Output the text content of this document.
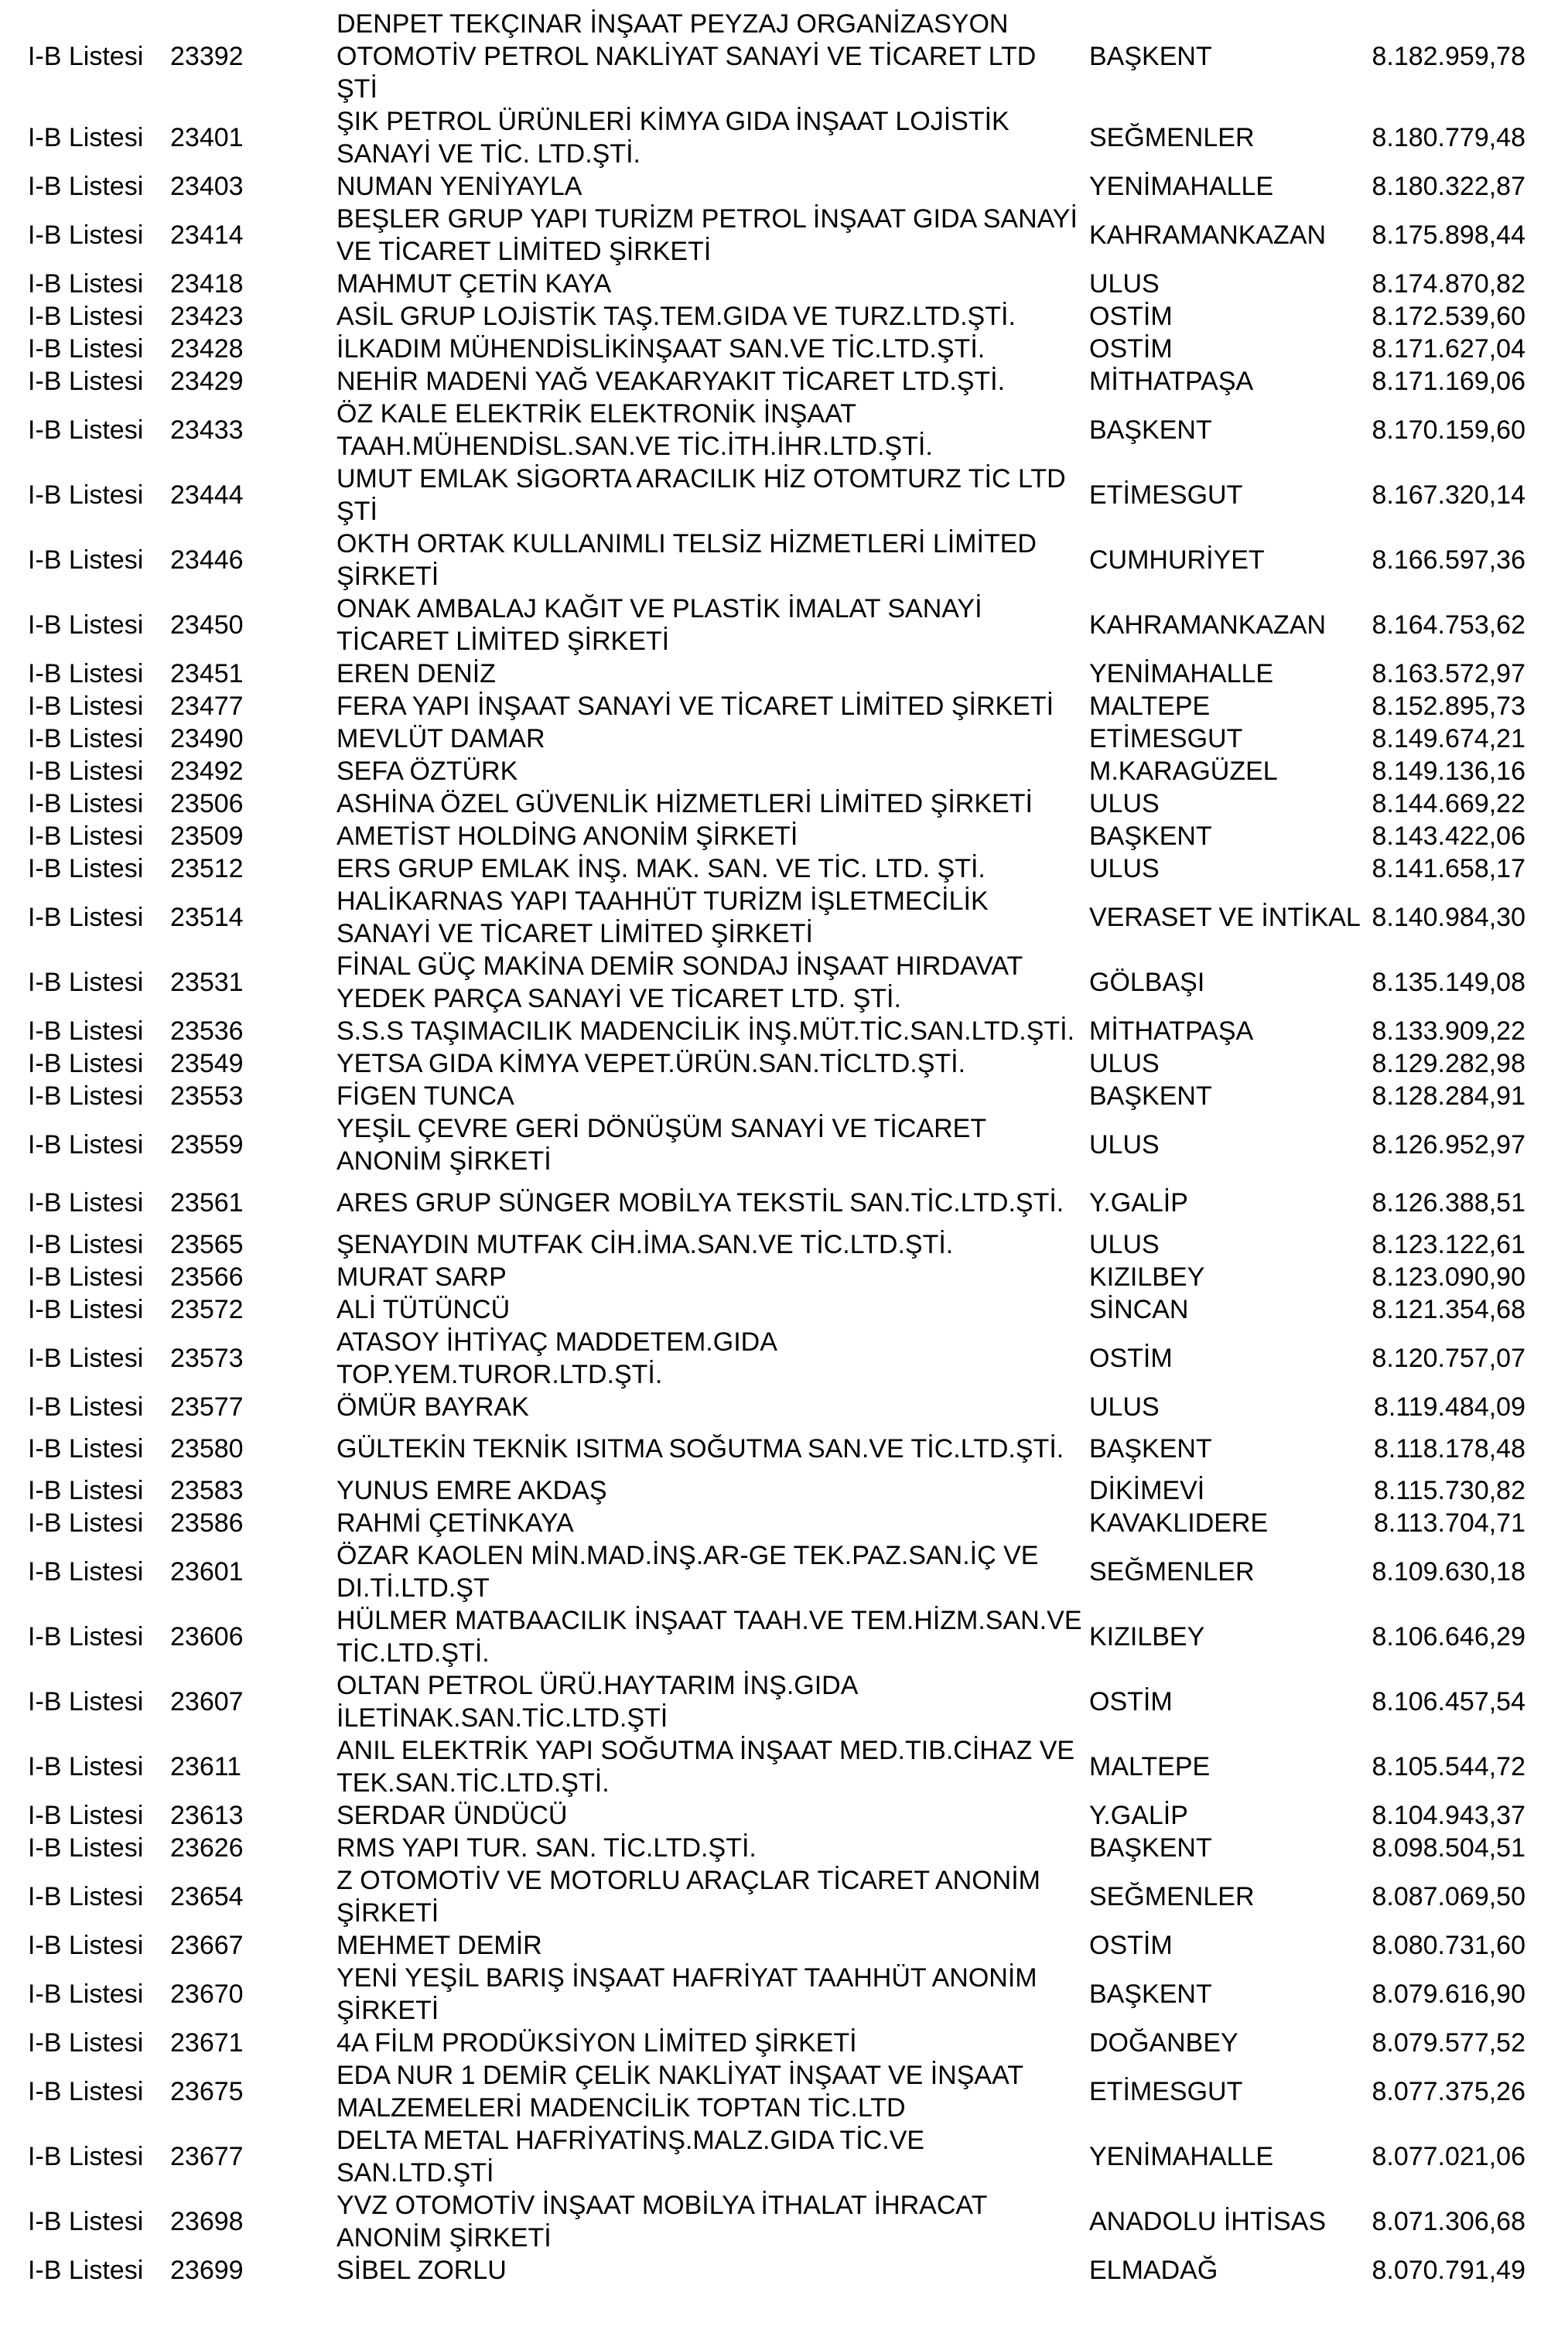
I-B Listesi	23392	DENPET TEKÇINAR İNŞAAT PEYZAJ ORGANİZASYON OTOMOTİV PETROL NAKLİYAT SANAYİ VE TİCARET LTD ŞTİ	BAŞKENT	8.182.959,78
I-B Listesi	23401	ŞIK PETROL ÜRÜNLERİ KİMYA GIDA İNŞAAT LOJİSTİK SANAYİ VE TİC. LTD.ŞTİ.	SEĞMENLER	8.180.779,48
I-B Listesi	23403	NUMAN YENİYAYLA	YENİMAHALLE	8.180.322,87
I-B Listesi	23414	BEŞLER GRUP YAPI TURİZM PETROL İNŞAAT GIDA SANAYİ VE TİCARET LİMİTED ŞİRKETİ	KAHRAMANKAZAN	8.175.898,44
I-B Listesi	23418	MAHMUT ÇETİN KAYA	ULUS	8.174.870,82
I-B Listesi	23423	ASİL GRUP LOJİSTİK TAŞ.TEM.GIDA VE TURZ.LTD.ŞTİ.	OSTİM	8.172.539,60
I-B Listesi	23428	İLKADIM MÜHENDİSLİKİNŞAAT SAN.VE TİC.LTD.ŞTİ.	OSTİM	8.171.627,04
I-B Listesi	23429	NEHİR MADENİ YAĞ VEAKARYAKIT TİCARET LTD.ŞTİ.	MİTHATPAŞA	8.171.169,06
I-B Listesi	23433	ÖZ KALE ELEKTRİK ELEKTRONİK İNŞAAT TAAH.MÜHENDİSL.SAN.VE TİC.İTH.İHR.LTD.ŞTİ.	BAŞKENT	8.170.159,60
I-B Listesi	23444	UMUT EMLAK SİGORTA ARACILIK HİZ OTOMTURZ TİC LTD ŞTİ	ETİMESGUT	8.167.320,14
I-B Listesi	23446	OKTH ORTAK KULLANIMLI TELSİZ HİZMETLERİ LİMİTED ŞİRKETİ	CUMHURİYET	8.166.597,36
I-B Listesi	23450	ONAK AMBALAJ KAĞIT VE PLASTİK İMALAT SANAYİ TİCARET LİMİTED ŞİRKETİ	KAHRAMANKAZAN	8.164.753,62
I-B Listesi	23451	EREN DENİZ	YENİMAHALLE	8.163.572,97
I-B Listesi	23477	FERA YAPI İNŞAAT SANAYİ VE TİCARET LİMİTED ŞİRKETİ	MALTEPE	8.152.895,73
I-B Listesi	23490	MEVLÜT DAMAR	ETİMESGUT	8.149.674,21
I-B Listesi	23492	SEFA ÖZTÜRK	M.KARAGÜZEL	8.149.136,16
I-B Listesi	23506	ASHİNA ÖZEL GÜVENLİK HİZMETLERİ LİMİTED ŞİRKETİ	ULUS	8.144.669,22
I-B Listesi	23509	AMETİST HOLDİNG ANONİM ŞİRKETİ	BAŞKENT	8.143.422,06
I-B Listesi	23512	ERS GRUP EMLAK İNŞ. MAK. SAN. VE TİC. LTD. ŞTİ.	ULUS	8.141.658,17
I-B Listesi	23514	HALİKARNAS YAPI TAAHHÜT TURİZM İŞLETMECİLİK SANAYİ VE TİCARET LİMİTED ŞİRKETİ	VERASET VE İNTİKAL	8.140.984,30
I-B Listesi	23531	FİNAL GÜÇ MAKİNA DEMİR SONDAJ İNŞAAT HIRDAVAT YEDEK PARÇA SANAYİ VE TİCARET LTD. ŞTİ.	GÖLBAŞI	8.135.149,08
I-B Listesi	23536	S.S.S TAŞIMACILIK MADENCİLİK İNŞ.MÜT.TİC.SAN.LTD.ŞTİ.	MİTHATPAŞA	8.133.909,22
I-B Listesi	23549	YETSA GIDA KİMYA VEPET.ÜRÜN.SAN.TİCLTD.ŞTİ.	ULUS	8.129.282,98
I-B Listesi	23553	FİGEN TUNCA	BAŞKENT	8.128.284,91
I-B Listesi	23559	YEŞİL ÇEVRE GERİ DÖNÜŞÜM SANAYİ VE TİCARET ANONİM ŞİRKETİ	ULUS	8.126.952,97
I-B Listesi	23561	ARES GRUP SÜNGER MOBİLYA TEKSTİL SAN.TİC.LTD.ŞTİ.	Y.GALİP	8.126.388,51
I-B Listesi	23565	ŞENAYDIN MUTFAK CİH.İMA.SAN.VE TİC.LTD.ŞTİ.	ULUS	8.123.122,61
I-B Listesi	23566	MURAT SARP	KIZILBEY	8.123.090,90
I-B Listesi	23572	ALİ TÜTÜNCÜ	SİNCAN	8.121.354,68
I-B Listesi	23573	ATASOY İHTİYAÇ MADDETEM.GIDA TOP.YEM.TUROR.LTD.ŞTİ.	OSTİM	8.120.757,07
I-B Listesi	23577	ÖMÜR BAYRAK	ULUS	8.119.484,09
I-B Listesi	23580	GÜLTEKİN TEKNİK ISITMA SOĞUTMA SAN.VE TİC.LTD.ŞTİ.	BAŞKENT	8.118.178,48
I-B Listesi	23583	YUNUS EMRE AKDAŞ	DİKİMEVİ	8.115.730,82
I-B Listesi	23586	RAHMİ ÇETİNKAYA	KAVAKLIDERE	8.113.704,71
I-B Listesi	23601	ÖZAR KAOLEN MİN.MAD.İNŞ.AR-GE TEK.PAZ.SAN.İÇ VE DI.Tİ.LTD.ŞT	SEĞMENLER	8.109.630,18
I-B Listesi	23606	HÜLMER MATBAACILIK İNŞAAT TAAH.VE TEM.HİZM.SAN.VE TİC.LTD.ŞTİ.	KIZILBEY	8.106.646,29
I-B Listesi	23607	OLTAN PETROL ÜRÜ.HAYTARIM İNŞ.GIDA İLETİNAK.SAN.TİC.LTD.ŞTİ	OSTİM	8.106.457,54
I-B Listesi	23611	ANIL ELEKTRİK YAPI SOĞUTMA İNŞAAT MED.TIB.CİHAZ VE TEK.SAN.TİC.LTD.ŞTİ.	MALTEPE	8.105.544,72
I-B Listesi	23613	SERDAR ÜNDÜCÜ	Y.GALİP	8.104.943,37
I-B Listesi	23626	RMS YAPI TUR. SAN. TİC.LTD.ŞTİ.	BAŞKENT	8.098.504,51
I-B Listesi	23654	Z OTOMOTİV VE MOTORLU ARAÇLAR TİCARET ANONİM ŞİRKETİ	SEĞMENLER	8.087.069,50
I-B Listesi	23667	MEHMET DEMİR	OSTİM	8.080.731,60
I-B Listesi	23670	YENİ YEŞİL BARIŞ İNŞAAT HAFRİYAT TAAHHÜT ANONİM ŞİRKETİ	BAŞKENT	8.079.616,90
I-B Listesi	23671	4A FİLM PRODÜKSİYON LİMİTED ŞİRKETİ	DOĞANBEY	8.079.577,52
I-B Listesi	23675	EDA NUR 1 DEMİR ÇELİK NAKLİYAT İNŞAAT VE İNŞAAT MALZEMELERİ MADENCİLİK TOPTAN TİC.LTD	ETİMESGUT	8.077.375,26
I-B Listesi	23677	DELTA METAL HAFRİYATİNŞ.MALZ.GIDA TİC.VE SAN.LTD.ŞTİ	YENİMAHALLE	8.077.021,06
I-B Listesi	23698	YVZ OTOMOTİV İNŞAAT MOBİLYA İTHALAT İHRACAT ANONİM ŞİRKETİ	ANADOLU İHTİSAS	8.071.306,68
I-B Listesi	23699	SİBEL ZORLU	ELMADAĞ	8.070.791,49
